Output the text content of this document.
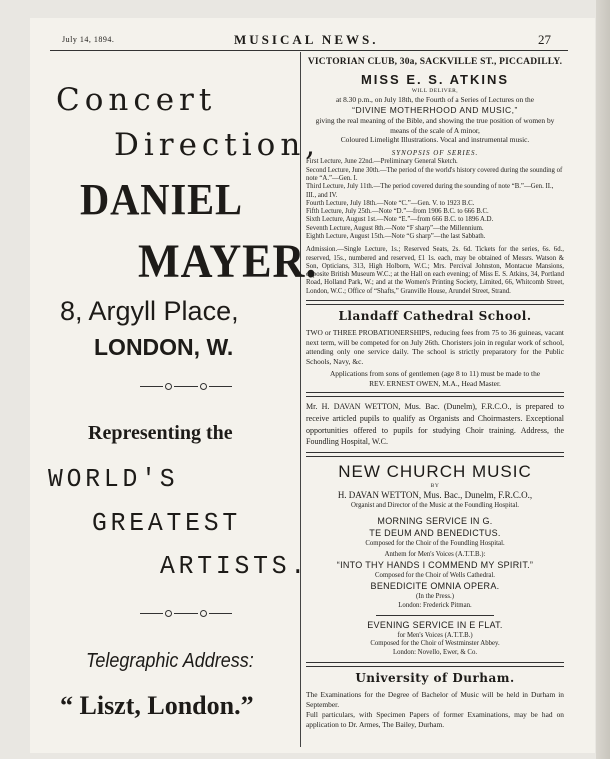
July 14, 1894.	MUSICAL NEWS.	27
Concert
Direction,
DANIEL
MAYER.
8, Argyll Place,
LONDON, W.
Representing the
WORLD'S
GREATEST
ARTISTS.
Telegraphic Address:
“ Liszt, London.”
VICTORIAN CLUB, 30a, SACKVILLE ST., PICCADILLY.
MISS E. S. ATKINS
WILL DELIVER,
at 8.30 p.m., on July 18th, the Fourth of a Series of Lectures on the
“DIVINE MOTHERHOOD AND MUSIC,”
giving the real meaning of the Bible, and showing the true position of women by means of the scale of A minor,
Coloured Limelight Illustrations. Vocal and instrumental music.
SYNOPSIS OF SERIES.
First Lecture, June 22nd.—Preliminary General Sketch.
Second Lecture, June 30th.—The period of the world's history covered during the sounding of note “A.”—Gen. I.
Third Lecture, July 11th.—The period covered during the sounding of note “B.”—Gen. II., III., and IV.
Fourth Lecture, July 18th.—Note “C.”—Gen. V. to 1923 B.C.
Fifth Lecture, July 25th.—Note “D.”—from 1906 B.C. to 666 B.C.
Sixth Lecture, August 1st.—Note “E.”—from 666 B.C. to 1896 A.D.
Seventh Lecture, August 8th.—Note “F sharp”—the Millennium.
Eighth Lecture, August 15th.—Note “G sharp”—the last Sabbath.
Admission.—Single Lecture, 1s.; Reserved Seats, 2s. 6d. Tickets for the series, 6s. 6d., reserved, 15s., numbered and reserved, £1 1s. each, may be obtained of Messrs. Watson & Son, Opticians, 313, High Holborn, W.C.; Mrs. Percival Johnston, Montacue Mansions, opposite British Museum W.C.; at the Hall on each evening; of Miss E. S. Atkins, 34, Portland Road, Holland Park, W.; and at the Women's Printing Society, Limited, 66, Whitcomb Street, London, W.C.; Office of “Shafts,” Granville House, Arundel Street, Strand.
Llandaff Cathedral School.
TWO or THREE PROBATIONERSHIPS, reducing fees from 75 to 36 guineas, vacant next term, will be competed for on July 26th. Choristers join in regular work of school, attending only one service daily. The school is strictly preparatory for the Public Schools, Navy, &c.
Applications from sons of gentlemen (age 8 to 11) must be made to the
REV. ERNEST OWEN, M.A., Head Master.
Mr. H. DAVAN WETTON, Mus. Bac. (Dunelm), F.R.C.O., is prepared to receive articled pupils to qualify as Organists and Choirmasters. Exceptional opportunities offered to pupils for studying Choir training. Address, the Foundling Hospital, W.C.
NEW CHURCH MUSIC
BY
H. DAVAN WETTON, Mus. Bac., Dunelm, F.R.C.O.,
Organist and Director of the Music at the Foundling Hospital.
MORNING SERVICE IN G.
TE DEUM AND BENEDICTUS.
Composed for the Choir of the Foundling Hospital.
Anthem for Men's Voices (A.T.T.B.):
“INTO THY HANDS I COMMEND MY SPIRIT.”
Composed for the Choir of Wells Cathedral.
BENEDICITE OMNIA OPERA.
(In the Press.)
London: Frederick Pitman.
EVENING SERVICE IN E FLAT.
for Men's Voices (A.T.T.B.)
Composed for the Choir of Westminster Abbey.
London: Novello, Ewer, & Co.
University of Durham.
The Examinations for the Degree of Bachelor of Music will be held in Durham in September.
Full particulars, with Specimen Papers of former Examinations, may be had on application to Dr. Armes, The Bailey, Durham.
